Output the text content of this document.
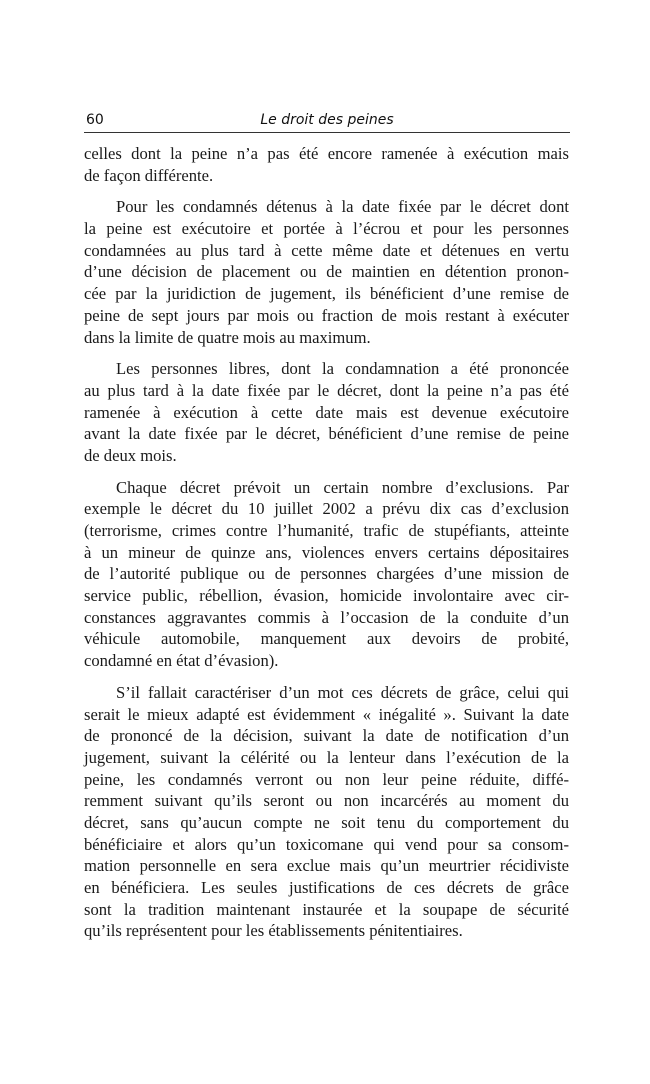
60	Le droit des peines
celles dont la peine n’a pas été encore ramenée à exécution mais
de façon différente.
Pour les condamnés détenus à la date fixée par le décret dont
la peine est exécutoire et portée à l’écrou et pour les personnes
condamnées au plus tard à cette même date et détenues en vertu
d’une décision de placement ou de maintien en détention pronon-
cée par la juridiction de jugement, ils bénéficient d’une remise de
peine de sept jours par mois ou fraction de mois restant à exécuter
dans la limite de quatre mois au maximum.
Les personnes libres, dont la condamnation a été prononcée
au plus tard à la date fixée par le décret, dont la peine n’a pas été
ramenée à exécution à cette date mais est devenue exécutoire
avant la date fixée par le décret, bénéficient d’une remise de peine
de deux mois.
Chaque décret prévoit un certain nombre d’exclusions. Par
exemple le décret du 10 juillet 2002 a prévu dix cas d’exclusion
(terrorisme, crimes contre l’humanité, trafic de stupéfiants, atteinte
à un mineur de quinze ans, violences envers certains dépositaires
de l’autorité publique ou de personnes chargées d’une mission de
service public, rébellion, évasion, homicide involontaire avec cir-
constances aggravantes commis à l’occasion de la conduite d’un
véhicule automobile, manquement aux devoirs de probité,
condamné en état d’évasion).
S’il fallait caractériser d’un mot ces décrets de grâce, celui qui
serait le mieux adapté est évidemment « inégalité ». Suivant la date
de prononcé de la décision, suivant la date de notification d’un
jugement, suivant la célérité ou la lenteur dans l’exécution de la
peine, les condamnés verront ou non leur peine réduite, diffé-
remment suivant qu’ils seront ou non incarcérés au moment du
décret, sans qu’aucun compte ne soit tenu du comportement du
bénéficiaire et alors qu’un toxicomane qui vend pour sa consom-
mation personnelle en sera exclue mais qu’un meurtrier récidiviste
en bénéficiera. Les seules justifications de ces décrets de grâce
sont la tradition maintenant instaurée et la soupape de sécurité
qu’ils représentent pour les établissements pénitentiaires.
